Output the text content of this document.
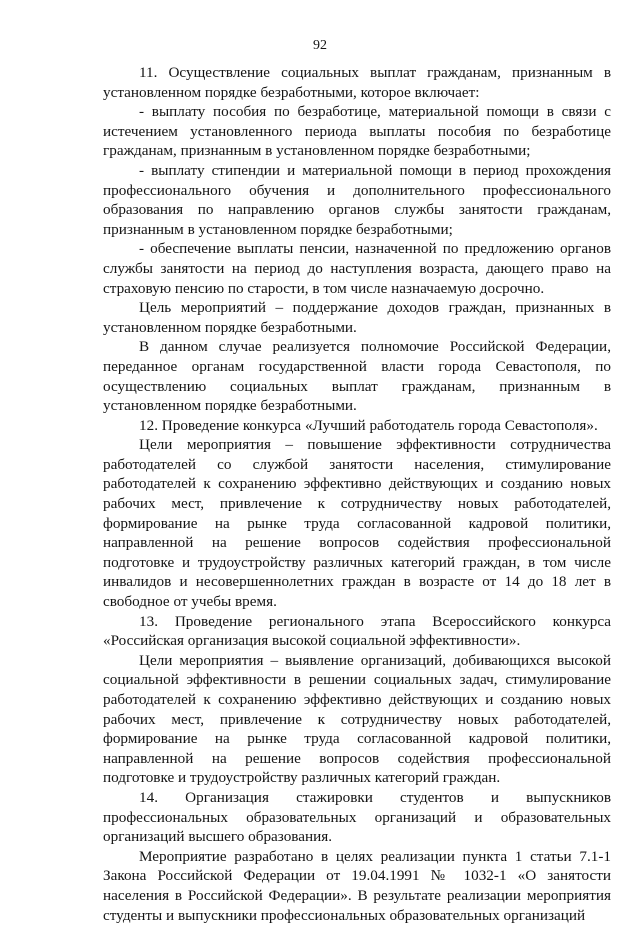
92

11. Осуществление социальных выплат гражданам, признанным в установленном порядке безработными, которое включает:

- выплату пособия по безработице, материальной помощи в связи с истечением установленного периода выплаты пособия по безработице гражданам, признанным в установленном порядке безработными;

- выплату стипендии и материальной помощи в период прохождения профессионального обучения и дополнительного профессионального образования по направлению органов службы занятости гражданам, признанным в установленном порядке безработными;

- обеспечение выплаты пенсии, назначенной по предложению органов службы занятости на период до наступления возраста, дающего право на страховую пенсию по старости, в том числе назначаемую досрочно.

Цель мероприятий – поддержание доходов граждан, признанных в установленном порядке безработными.

В данном случае реализуется полномочие Российской Федерации, переданное органам государственной власти города Севастополя, по осуществлению социальных выплат гражданам, признанным в установленном порядке безработными.

12. Проведение конкурса «Лучший работодатель города Севастополя».

Цели мероприятия – повышение эффективности сотрудничества работодателей со службой занятости населения, стимулирование работодателей к сохранению эффективно действующих и созданию новых рабочих мест, привлечение к сотрудничеству новых работодателей, формирование на рынке труда согласованной кадровой политики, направленной на решение вопросов содействия профессиональной подготовке и трудоустройству различных категорий граждан, в том числе инвалидов и несовершеннолетних граждан в возрасте от 14 до 18 лет в свободное от учебы время.

13. Проведение регионального этапа Всероссийского конкурса «Российская организация высокой социальной эффективности».

Цели мероприятия – выявление организаций, добивающихся высокой социальной эффективности в решении социальных задач, стимулирование работодателей к сохранению эффективно действующих и созданию новых рабочих мест, привлечение к сотрудничеству новых работодателей, формирование на рынке труда согласованной кадровой политики, направленной на решение вопросов содействия профессиональной подготовке и трудоустройству различных категорий граждан.

14. Организация стажировки студентов и выпускников профессиональных образовательных организаций и образовательных организаций высшего образования.

Мероприятие разработано в целях реализации пункта 1 статьи 7.1-1 Закона Российской Федерации от 19.04.1991 № 1032-1 «О занятости населения в Российской Федерации». В результате реализации мероприятия студенты и выпускники профессиональных образовательных организаций
